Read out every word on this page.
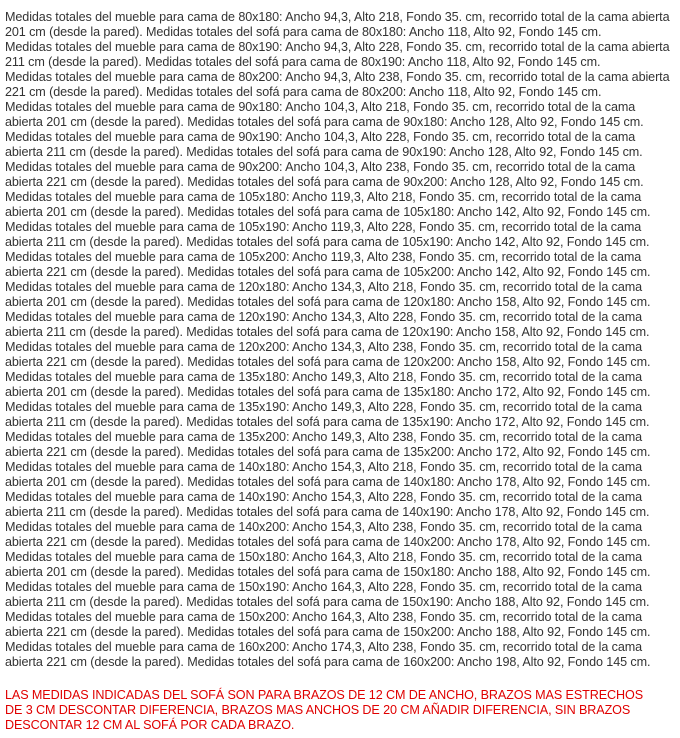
Medidas totales del mueble para cama de 80x180: Ancho 94,3, Alto 218, Fondo 35. cm, recorrido total de la cama abierta
201 cm (desde la pared). Medidas totales del sofá para cama de 80x180: Ancho 118, Alto 92, Fondo 145 cm.
Medidas totales del mueble para cama de 80x190: Ancho 94,3, Alto 228, Fondo 35. cm, recorrido total de la cama abierta
211 cm (desde la pared). Medidas totales del sofá para cama de 80x190: Ancho 118, Alto 92, Fondo 145 cm.
Medidas totales del mueble para cama de 80x200: Ancho 94,3, Alto 238, Fondo 35. cm, recorrido total de la cama abierta
221 cm (desde la pared). Medidas totales del sofá para cama de 80x200: Ancho 118, Alto 92, Fondo 145 cm.
Medidas totales del mueble para cama de 90x180: Ancho 104,3, Alto 218, Fondo 35. cm, recorrido total de la cama
abierta 201 cm (desde la pared). Medidas totales del sofá para cama de 90x180: Ancho 128, Alto 92, Fondo 145 cm.
Medidas totales del mueble para cama de 90x190: Ancho 104,3, Alto 228, Fondo 35. cm, recorrido total de la cama
abierta 211 cm (desde la pared). Medidas totales del sofá para cama de 90x190: Ancho 128, Alto 92, Fondo 145 cm.
Medidas totales del mueble para cama de 90x200: Ancho 104,3, Alto 238, Fondo 35. cm, recorrido total de la cama
abierta 221 cm (desde la pared). Medidas totales del sofá para cama de 90x200: Ancho 128, Alto 92, Fondo 145 cm.
Medidas totales del mueble para cama de 105x180: Ancho 119,3, Alto 218, Fondo 35. cm, recorrido total de la cama
abierta 201 cm (desde la pared). Medidas totales del sofá para cama de 105x180: Ancho 142, Alto 92, Fondo 145 cm.
Medidas totales del mueble para cama de 105x190: Ancho 119,3, Alto 228, Fondo 35. cm, recorrido total de la cama
abierta 211 cm (desde la pared). Medidas totales del sofá para cama de 105x190: Ancho 142, Alto 92, Fondo 145 cm.
Medidas totales del mueble para cama de 105x200: Ancho 119,3, Alto 238, Fondo 35. cm, recorrido total de la cama
abierta 221 cm (desde la pared). Medidas totales del sofá para cama de 105x200: Ancho 142, Alto 92, Fondo 145 cm.
Medidas totales del mueble para cama de 120x180: Ancho 134,3, Alto 218, Fondo 35. cm, recorrido total de la cama
abierta 201 cm (desde la pared). Medidas totales del sofá para cama de 120x180: Ancho 158, Alto 92, Fondo 145 cm.
Medidas totales del mueble para cama de 120x190: Ancho 134,3, Alto 228, Fondo 35. cm, recorrido total de la cama
abierta 211 cm (desde la pared). Medidas totales del sofá para cama de 120x190: Ancho 158, Alto 92, Fondo 145 cm.
Medidas totales del mueble para cama de 120x200: Ancho 134,3, Alto 238, Fondo 35. cm, recorrido total de la cama
abierta 221 cm (desde la pared). Medidas totales del sofá para cama de 120x200: Ancho 158, Alto 92, Fondo 145 cm.
Medidas totales del mueble para cama de 135x180: Ancho 149,3, Alto 218, Fondo 35. cm, recorrido total de la cama
abierta 201 cm (desde la pared). Medidas totales del sofá para cama de 135x180: Ancho 172, Alto 92, Fondo 145 cm.
Medidas totales del mueble para cama de 135x190: Ancho 149,3, Alto 228, Fondo 35. cm, recorrido total de la cama
abierta 211 cm (desde la pared). Medidas totales del sofá para cama de 135x190: Ancho 172, Alto 92, Fondo 145 cm.
Medidas totales del mueble para cama de 135x200: Ancho 149,3, Alto 238, Fondo 35. cm, recorrido total de la cama
abierta 221 cm (desde la pared). Medidas totales del sofá para cama de 135x200: Ancho 172, Alto 92, Fondo 145 cm.
Medidas totales del mueble para cama de 140x180: Ancho 154,3, Alto 218, Fondo 35. cm, recorrido total de la cama
abierta 201 cm (desde la pared). Medidas totales del sofá para cama de 140x180: Ancho 178, Alto 92, Fondo 145 cm.
Medidas totales del mueble para cama de 140x190: Ancho 154,3, Alto 228, Fondo 35. cm, recorrido total de la cama
abierta 211 cm (desde la pared). Medidas totales del sofá para cama de 140x190: Ancho 178, Alto 92, Fondo 145 cm.
Medidas totales del mueble para cama de 140x200: Ancho 154,3, Alto 238, Fondo 35. cm, recorrido total de la cama
abierta 221 cm (desde la pared). Medidas totales del sofá para cama de 140x200: Ancho 178, Alto 92, Fondo 145 cm.
Medidas totales del mueble para cama de 150x180: Ancho 164,3, Alto 218, Fondo 35. cm, recorrido total de la cama
abierta 201 cm (desde la pared). Medidas totales del sofá para cama de 150x180: Ancho 188, Alto 92, Fondo 145 cm.
Medidas totales del mueble para cama de 150x190: Ancho 164,3, Alto 228, Fondo 35. cm, recorrido total de la cama
abierta 211 cm (desde la pared). Medidas totales del sofá para cama de 150x190: Ancho 188, Alto 92, Fondo 145 cm.
Medidas totales del mueble para cama de 150x200: Ancho 164,3, Alto 238, Fondo 35. cm, recorrido total de la cama
abierta 221 cm (desde la pared). Medidas totales del sofá para cama de 150x200: Ancho 188, Alto 92, Fondo 145 cm.
Medidas totales del mueble para cama de 160x200: Ancho 174,3, Alto 238, Fondo 35. cm, recorrido total de la cama
abierta 221 cm (desde la pared). Medidas totales del sofá para cama de 160x200: Ancho 198, Alto 92, Fondo 145 cm.
LAS MEDIDAS INDICADAS DEL SOFÁ SON PARA BRAZOS DE 12 CM DE ANCHO, BRAZOS MAS ESTRECHOS
DE 3 CM DESCONTAR DIFERENCIA, BRAZOS MAS ANCHOS DE 20 CM AÑADIR DIFERENCIA, SIN BRAZOS
DESCONTAR 12 CM AL SOFÁ POR CADA BRAZO.
